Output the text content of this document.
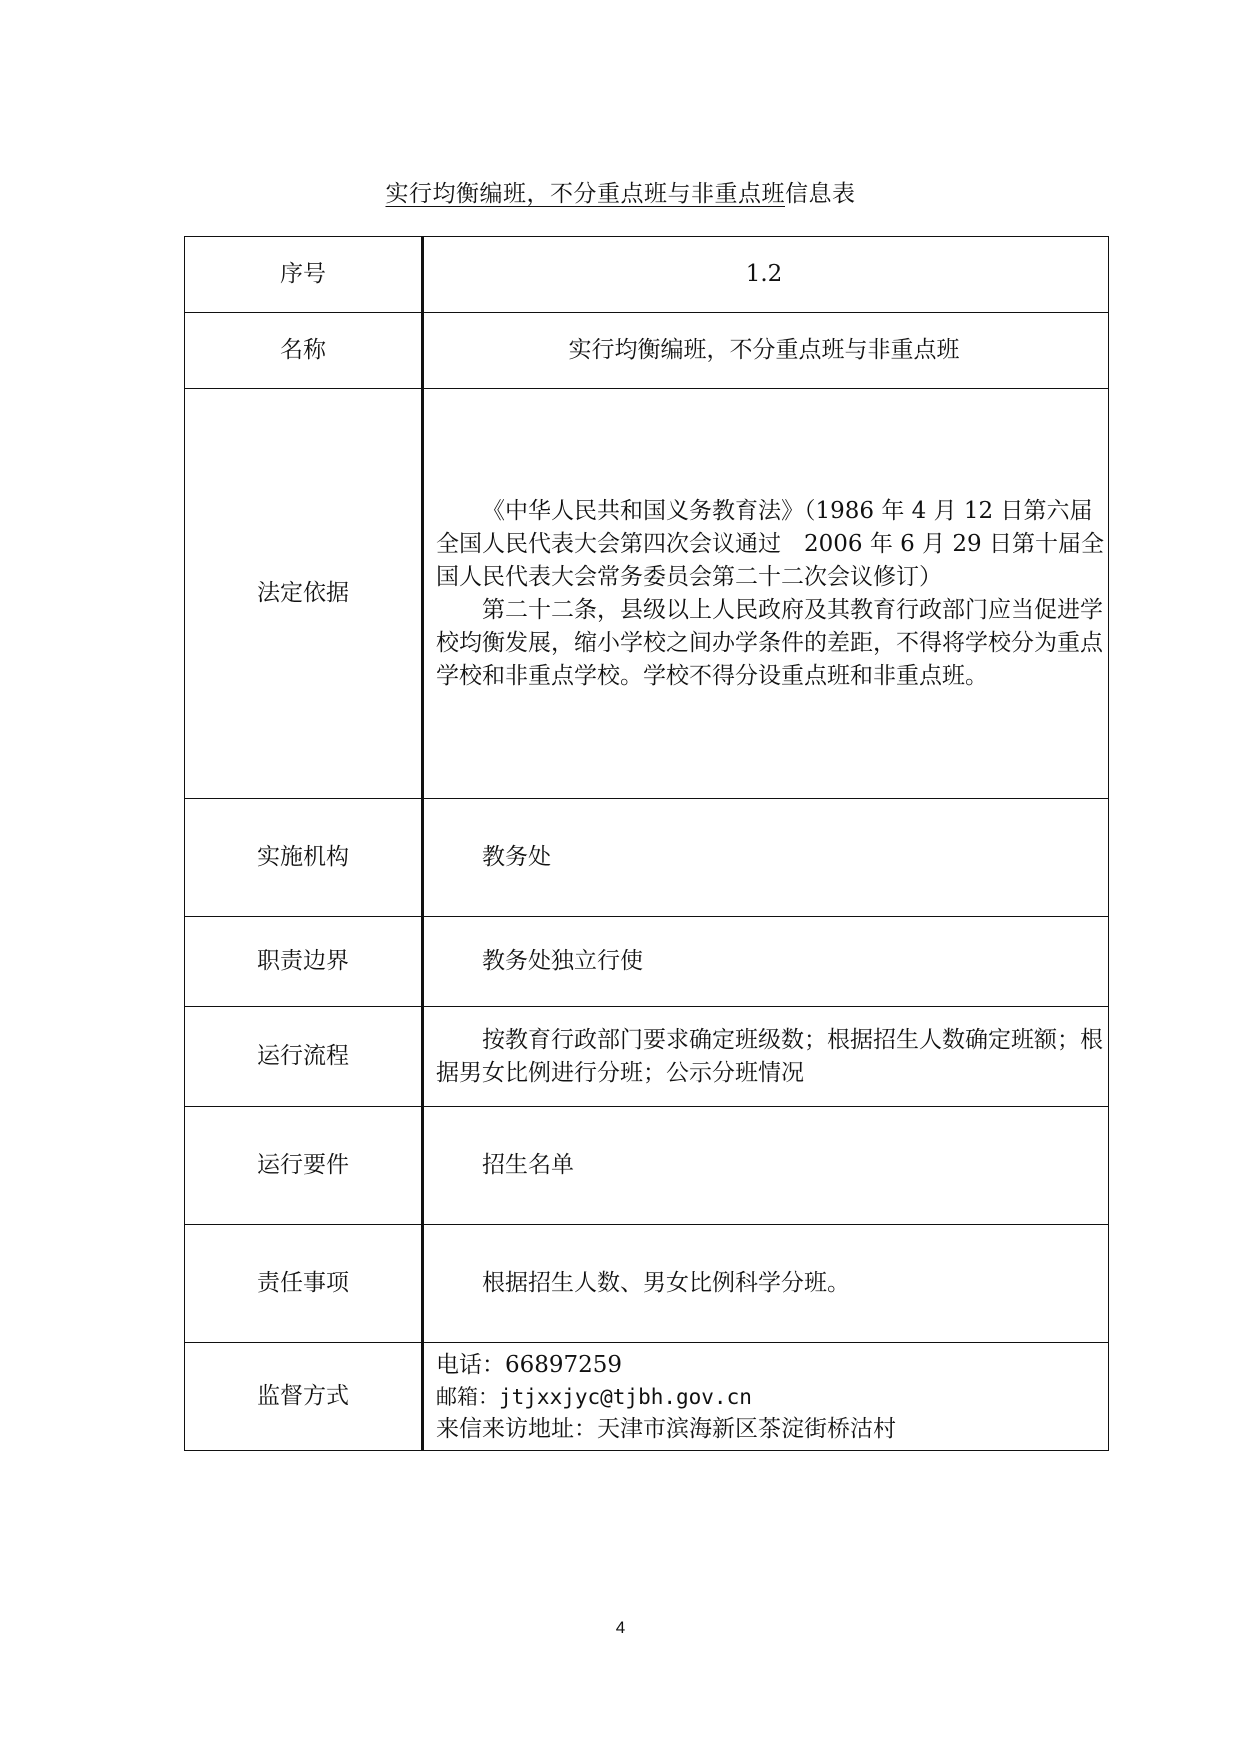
实行均衡编班，不分重点班与非重点班信息表
序号	1.2
名称	实行均衡编班，不分重点班与非重点班
法定依据	《中华人民共和国义务教育法》（1986 年 4 月 12 日第六届全国人民代表大会第四次会议通过　2006 年 6 月 29 日第十届全国人民代表大会常务委员会第二十二次会议修订）
第二十二条，县级以上人民政府及其教育行政部门应当促进学校均衡发展，缩小学校之间办学条件的差距，不得将学校分为重点学校和非重点学校。学校不得分设重点班和非重点班。

实施机构	教务处

职责边界	教务处独立行使

运行流程	按教育行政部门要求确定班级数；根据招生人数确定班额；根据男女比例进行分班；公示分班情况

运行要件	招生名单

责任事项	根据招生人数、男女比例科学分班。

监督方式	电话：66897259
邮箱：jtjxxjyc@tjbh.gov.cn
来信来访地址：天津市滨海新区茶淀街桥沽村
4
